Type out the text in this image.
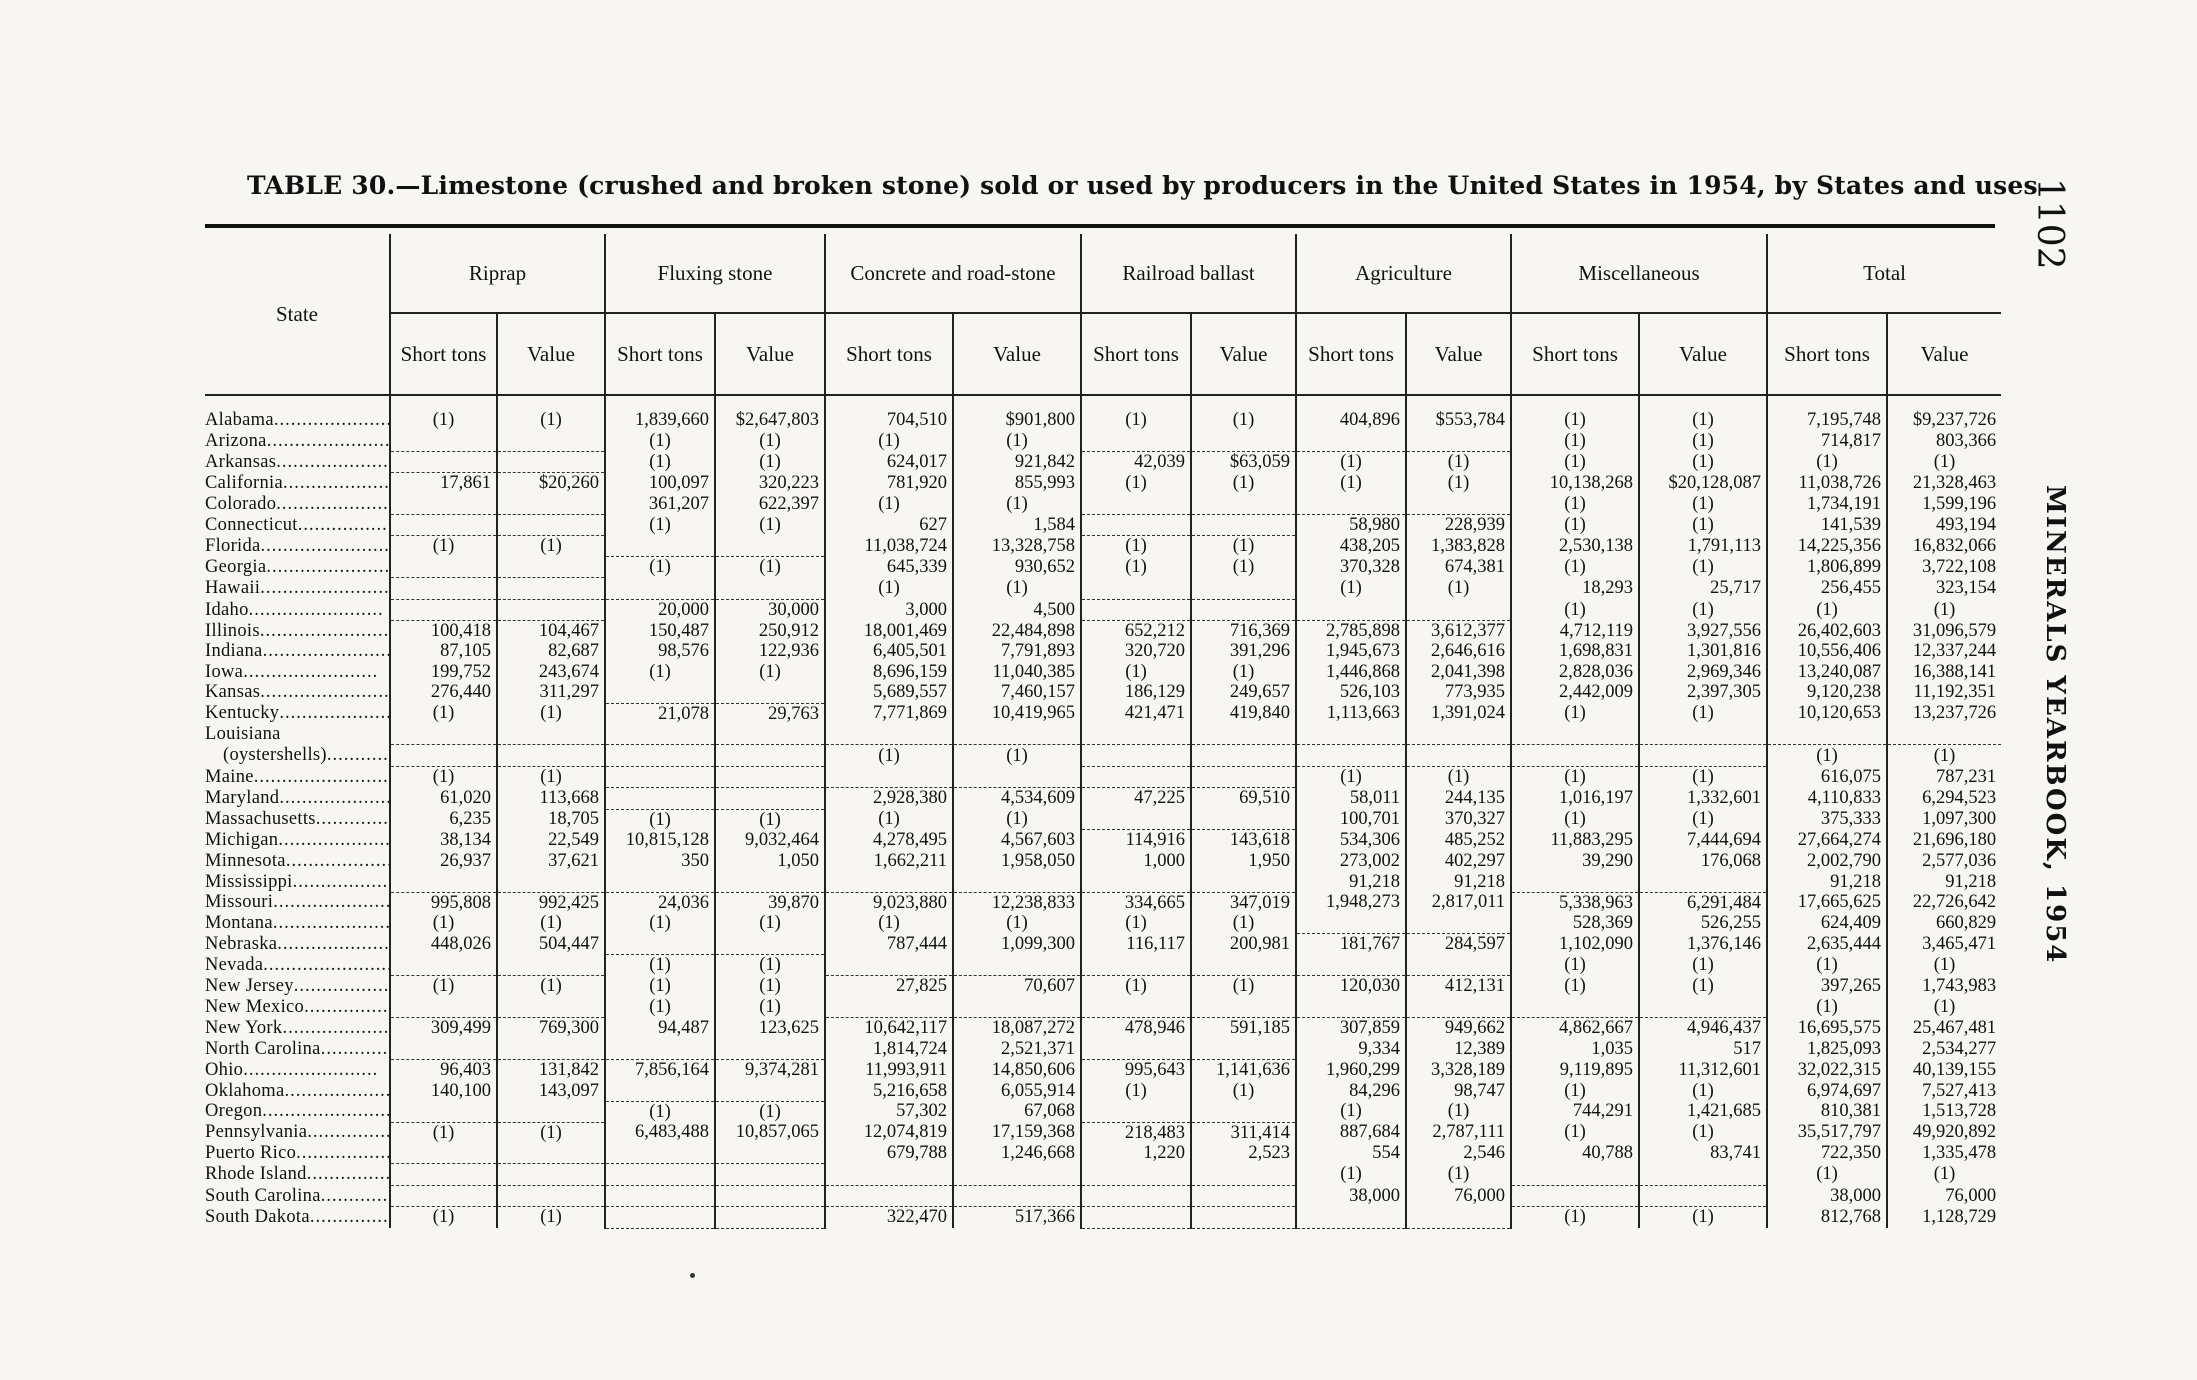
TABLE 30.—Limestone (crushed and broken stone) sold or used by producers in the United States in 1954, by States and uses
1102
MINERALS YEARBOOK, 1954
State	Riprap		Fluxing stone		Concrete and road-stone		Railroad ballast		Agriculture		Miscellaneous		Total	
	Short tons	Value	Short tons	Value	Short tons	Value	Short tons	Value	Short tons	Value	Short tons	Value	Short tons	Value
Alabama .....	(1)	(1)	1,839,660	$2,647,803	704,510	$901,800	(1)	(1)	404,896	$553,784	(1)	(1)	7,195,748	$9,237,726
Arizona .....			(1)	(1)	(1)	(1)					(1)	(1)	714,817	803,366
Arkansas .....			(1)	(1)	624,017	921,842	42,039	$63,059	(1)	(1)	(1)	(1)	(1)	(1)
California .....	17,861	$20,260	100,097	320,223	781,920	855,993	(1)	(1)	(1)	(1)	10,138,268	$20,128,087	11,038,726	21,328,463
Colorado .....			361,207	622,397	(1)	(1)					(1)	(1)	1,734,191	1,599,196
Connecticut .....			(1)	(1)	627	1,584			58,980	228,939	(1)	(1)	141,539	493,194
Florida .....	(1)	(1)			11,038,724	13,328,758	(1)	(1)	438,205	1,383,828	2,530,138	1,791,113	14,225,356	16,832,066
Georgia .....			(1)	(1)	645,339	930,652	(1)	(1)	370,328	674,381	(1)	(1)	1,806,899	3,722,108
Hawaii .....					(1)	(1)			(1)	(1)	18,293	25,717	256,455	323,154
Idaho .....			20,000	30,000	3,000	4,500					(1)	(1)	(1)	(1)
Illinois .....	100,418	104,467	150,487	250,912	18,001,469	22,484,898	652,212	716,369	2,785,898	3,612,377	4,712,119	3,927,556	26,402,603	31,096,579
Indiana .....	87,105	82,687	98,576	122,936	6,405,501	7,791,893	320,720	391,296	1,945,673	2,646,616	1,698,831	1,301,816	10,556,406	12,337,244
Iowa .....	199,752	243,674	(1)	(1)	8,696,159	11,040,385	(1)	(1)	1,446,868	2,041,398	2,828,036	2,969,346	13,240,087	16,388,141
Kansas .....	276,440	311,297			5,689,557	7,460,157	186,129	249,657	526,103	773,935	2,442,009	2,397,305	9,120,238	11,192,351
Kentucky .....	(1)	(1)	21,078	29,763	7,771,869	10,419,965	421,471	419,840	1,113,663	1,391,024	(1)	(1)	10,120,653	13,237,726
Louisiana														
(oystershells) .....					(1)	(1)							(1)	(1)
Maine .....	(1)	(1)							(1)	(1)	(1)	(1)	616,075	787,231
Maryland .....	61,020	113,668			2,928,380	4,534,609	47,225	69,510	58,011	244,135	1,016,197	1,332,601	4,110,833	6,294,523
Massachusetts .....	6,235	18,705	(1)	(1)	(1)	(1)			100,701	370,327	(1)	(1)	375,333	1,097,300
Michigan .....	38,134	22,549	10,815,128	9,032,464	4,278,495	4,567,603	114,916	143,618	534,306	485,252	11,883,295	7,444,694	27,664,274	21,696,180
Minnesota .....	26,937	37,621	350	1,050	1,662,211	1,958,050	1,000	1,950	273,002	402,297	39,290	176,068	2,002,790	2,577,036
Mississippi .....									91,218	91,218			91,218	91,218
Missouri .....	995,808	992,425	24,036	39,870	9,023,880	12,238,833	334,665	347,019	1,948,273	2,817,011	5,338,963	6,291,484	17,665,625	22,726,642
Montana .....	(1)	(1)	(1)	(1)	(1)	(1)	(1)	(1)			528,369	526,255	624,409	660,829
Nebraska .....	448,026	504,447			787,444	1,099,300	116,117	200,981	181,767	284,597	1,102,090	1,376,146	2,635,444	3,465,471
Nevada .....			(1)	(1)							(1)	(1)	(1)	(1)
New Jersey .....	(1)	(1)	(1)	(1)	27,825	70,607	(1)	(1)	120,030	412,131	(1)	(1)	397,265	1,743,983
New Mexico .....			(1)	(1)									(1)	(1)
New York .....	309,499	769,300	94,487	123,625	10,642,117	18,087,272	478,946	591,185	307,859	949,662	4,862,667	4,946,437	16,695,575	25,467,481
North Carolina .....					1,814,724	2,521,371			9,334	12,389	1,035	517	1,825,093	2,534,277
Ohio .....	96,403	131,842	7,856,164	9,374,281	11,993,911	14,850,606	995,643	1,141,636	1,960,299	3,328,189	9,119,895	11,312,601	32,022,315	40,139,155
Oklahoma .....	140,100	143,097			5,216,658	6,055,914	(1)	(1)	84,296	98,747	(1)	(1)	6,974,697	7,527,413
Oregon .....			(1)	(1)	57,302	67,068			(1)	(1)	744,291	1,421,685	810,381	1,513,728
Pennsylvania .....	(1)	(1)	6,483,488	10,857,065	12,074,819	17,159,368	218,483	311,414	887,684	2,787,111	(1)	(1)	35,517,797	49,920,892
Puerto Rico .....					679,788	1,246,668	1,220	2,523	554	2,546	40,788	83,741	722,350	1,335,478
Rhode Island .....									(1)	(1)			(1)	(1)
South Carolina .....									38,000	76,000			38,000	76,000
South Dakota .....	(1)	(1)			322,470	517,366					(1)	(1)	812,768	1,128,729
